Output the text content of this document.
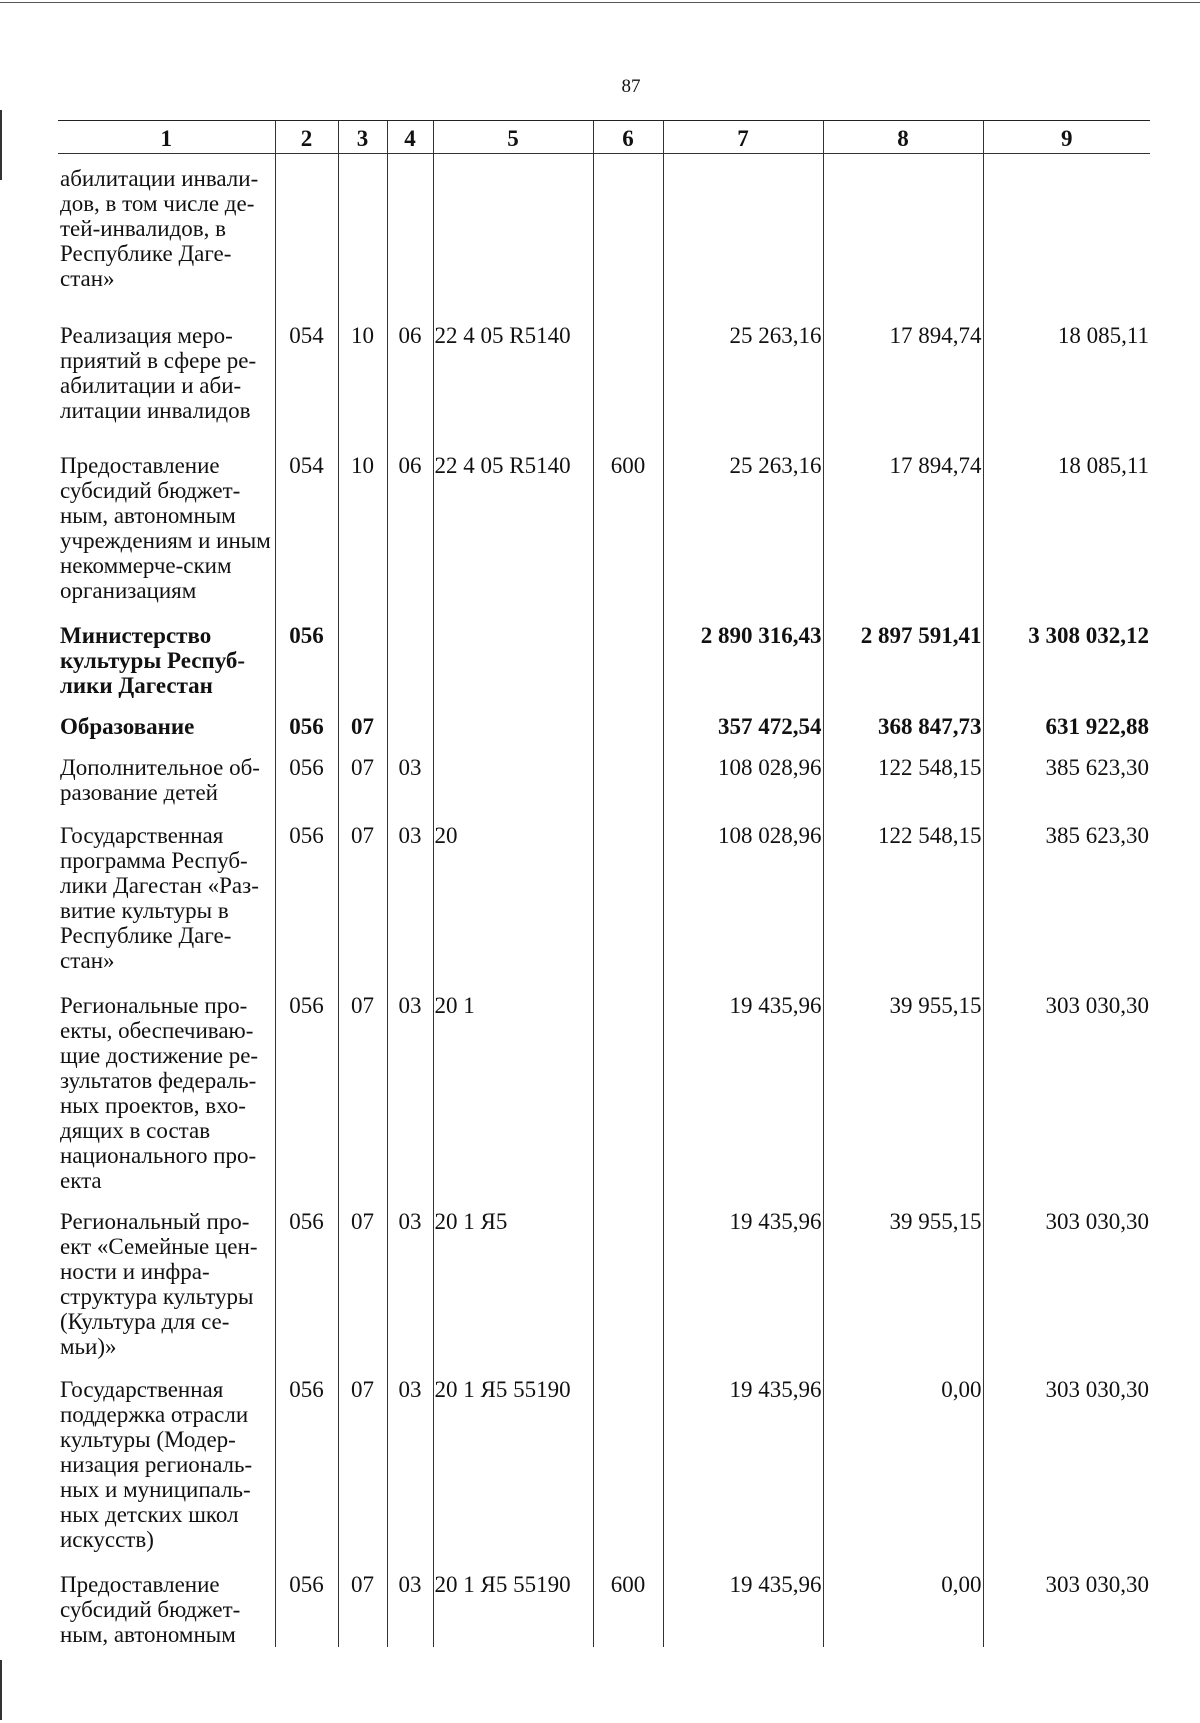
87
1	2	3	4	5	6	7	8	9
абилитации инвали-дов, в том числе де-тей-инвалидов, в Республике Даге-стан»								
Реализация меро-приятий в сфере ре-абилитации и аби-литации инвалидов	054	10	06	22 4 05 R5140		25 263,16	17 894,74	18 085,11
Предоставление субсидий бюджет-ным, автономным учреждениям и иным некоммерче-ским организациям	054	10	06	22 4 05 R5140	600	25 263,16	17 894,74	18 085,11
Министерство культуры Респуб-лики Дагестан	056					2 890 316,43	2 897 591,41	3 308 032,12
Образование	056	07				357 472,54	368 847,73	631 922,88
Дополнительное об-разование детей	056	07	03			108 028,96	122 548,15	385 623,30
Государственная программа Респуб-лики Дагестан «Раз-витие культуры в Республике Даге-стан»	056	07	03	20		108 028,96	122 548,15	385 623,30
Региональные про-екты, обеспечиваю-щие достижение ре-зультатов федераль-ных проектов, вхо-дящих в состав национального про-екта	056	07	03	20 1		19 435,96	39 955,15	303 030,30
Региональный про-ект «Семейные цен-ности и инфра-структура культуры (Культура для се-мьи)»	056	07	03	20 1 Я5		19 435,96	39 955,15	303 030,30
Государственная поддержка отрасли культуры (Модер-низация региональ-ных и муниципаль-ных детских школ искусств)	056	07	03	20 1 Я5 55190		19 435,96	0,00	303 030,30
Предоставление субсидий бюджет-ным, автономным	056	07	03	20 1 Я5 55190	600	19 435,96	0,00	303 030,30
